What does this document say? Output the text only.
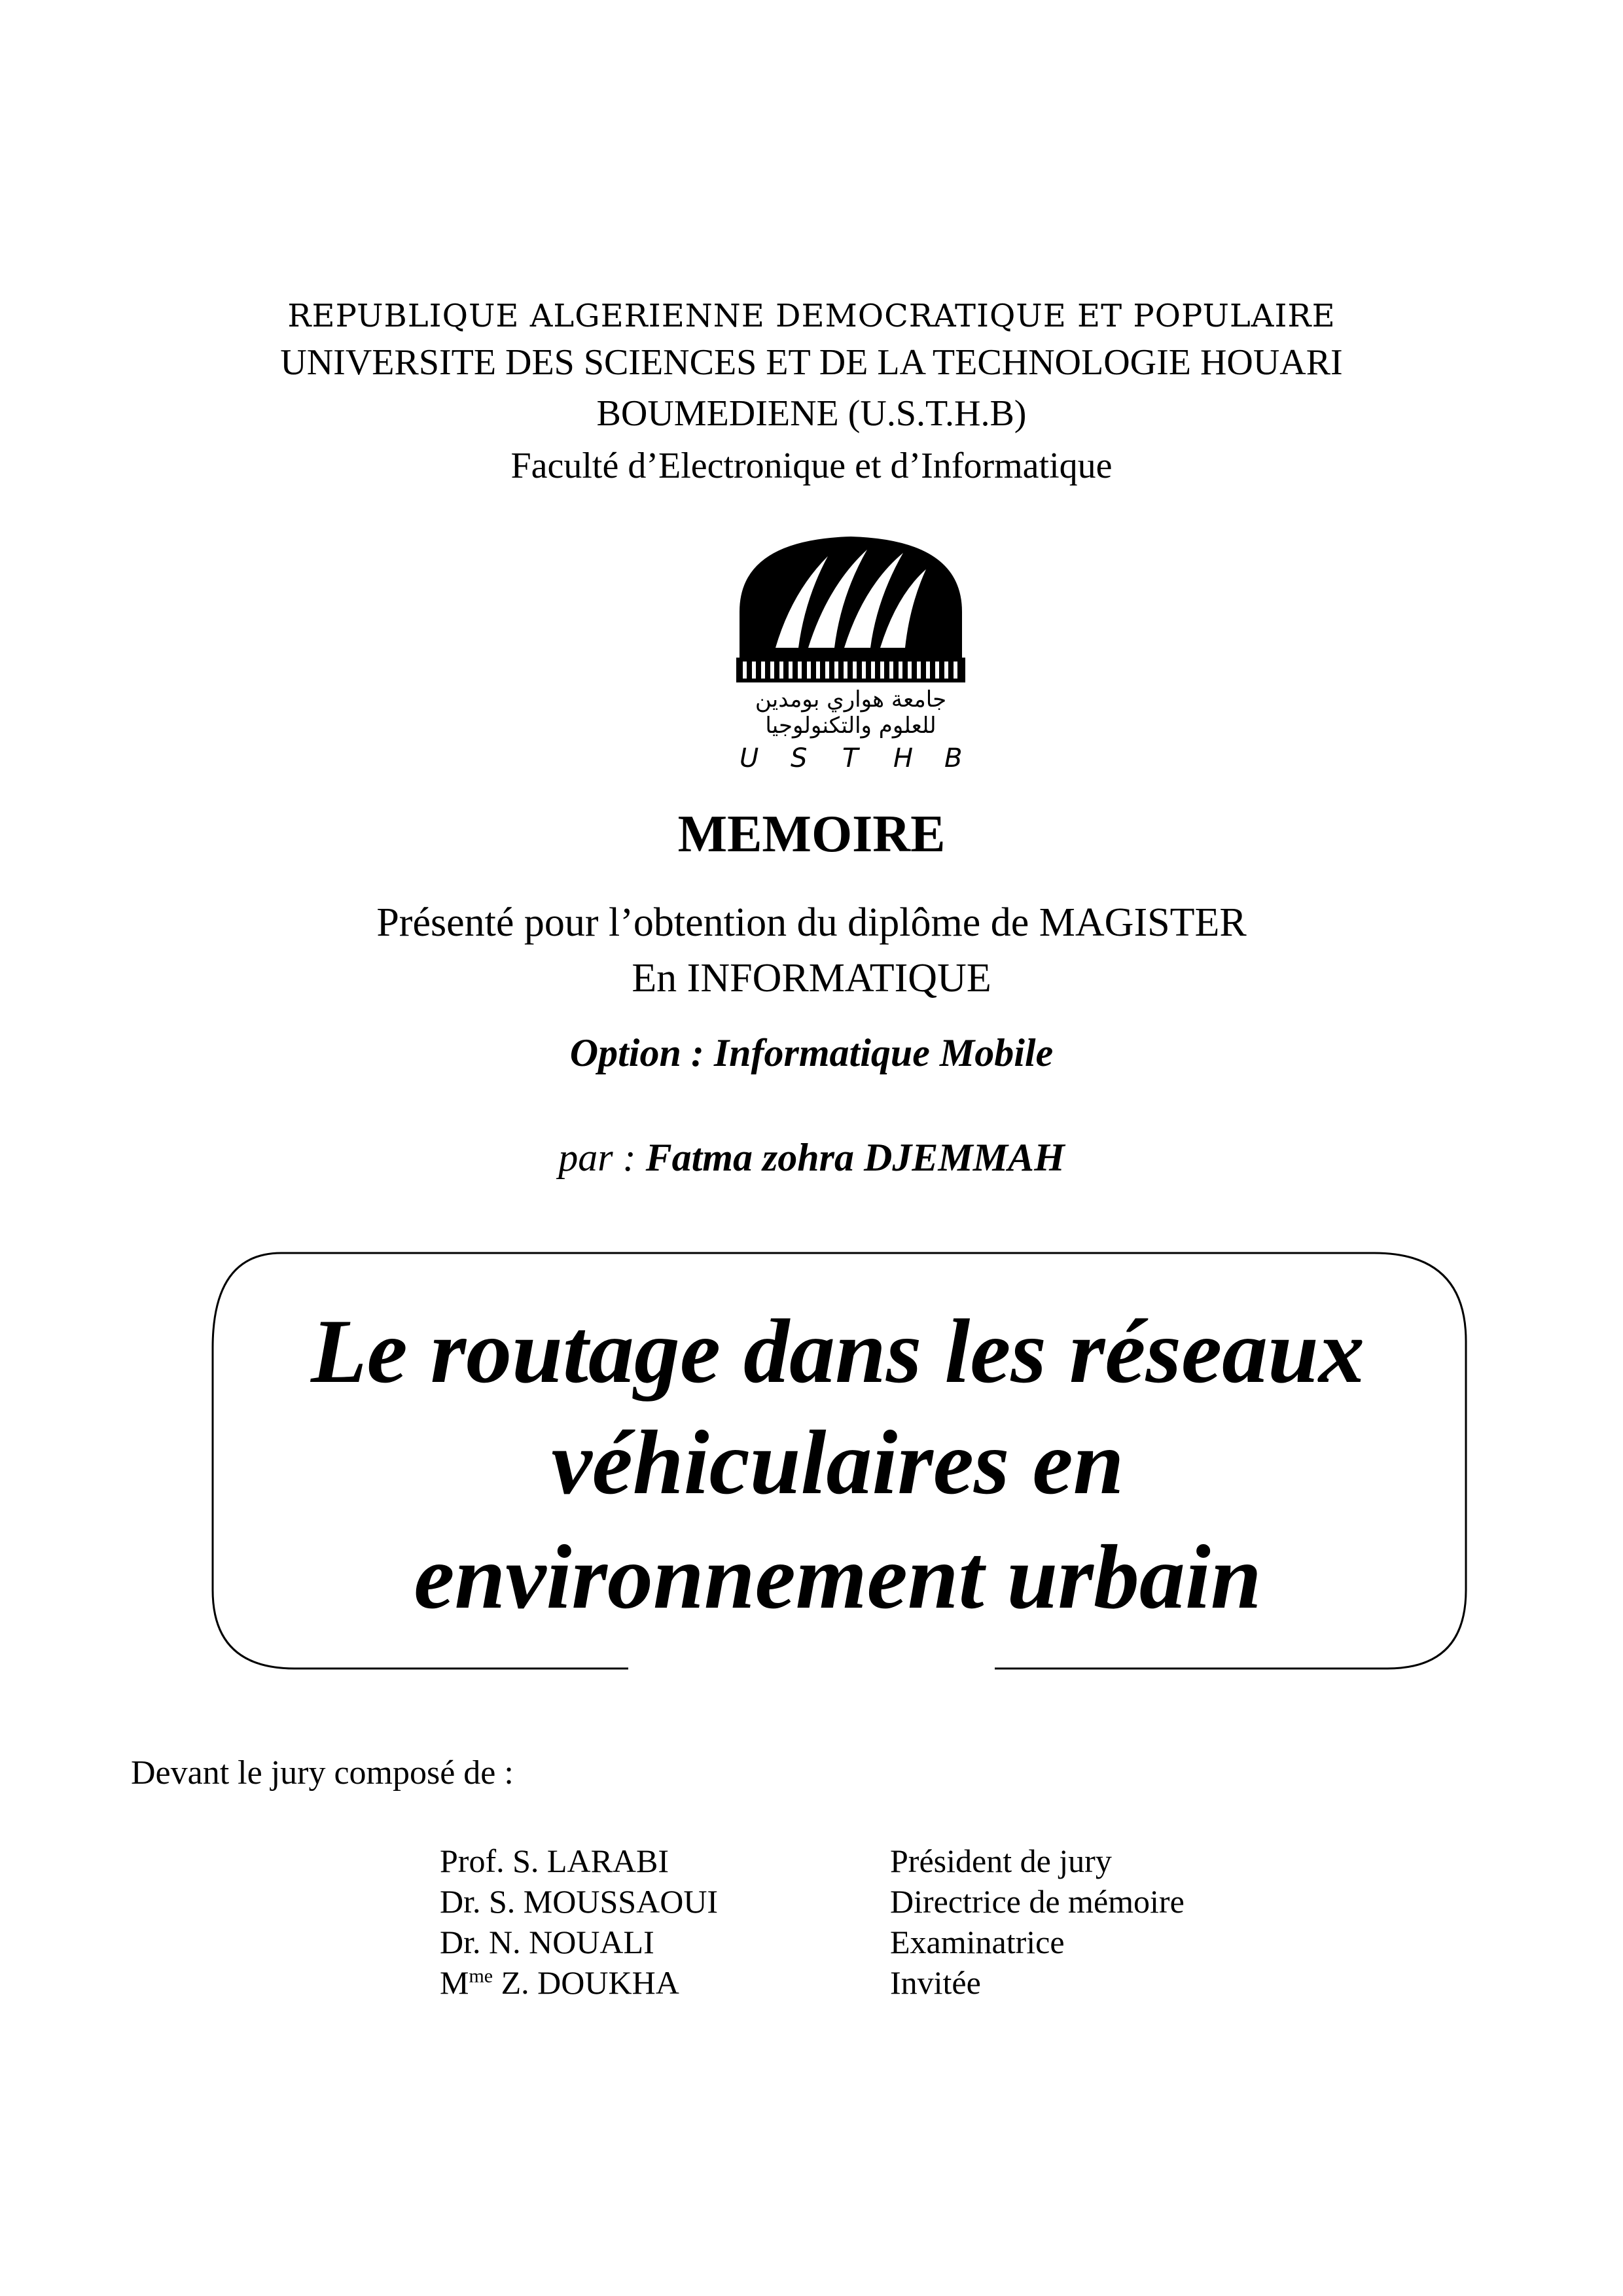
REPUBLIQUE ALGERIENNE DEMOCRATIQUE ET POPULAIRE
UNIVERSITE DES SCIENCES ET DE LA TECHNOLOGIE HOUARI
BOUMEDIENE (U.S.T.H.B)
Faculté d’Electronique et d’Informatique
جامعة هواري بومدين
للعلوم والتكنولوجيا
U S T H B
MEMOIRE
Présenté pour l’obtention du diplôme de MAGISTER
En INFORMATIQUE
Option : Informatique Mobile
par : Fatma zohra DJEMMAH
Le routage dans les réseaux
véhiculaires en
environnement urbain
Devant le jury composé de :
Prof. S. LARABI	Président de jury
Dr. S. MOUSSAOUI	Directrice de mémoire
Dr. N. NOUALI	Examinatrice
$M^{me}$ Z. DOUKHA	Invitée
